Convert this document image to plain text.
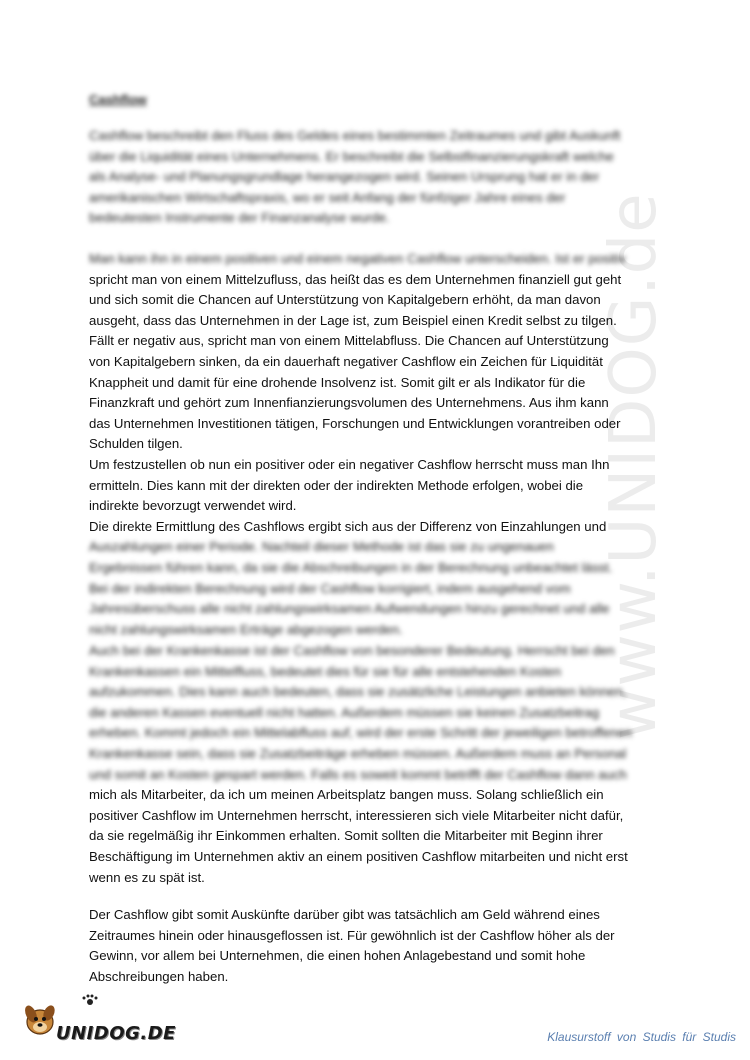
www.UNIDOG.de
Cashflow
Cashflow beschreibt den Fluss des Geldes eines bestimmten Zeitraumes und gibt Auskunft
über die Liquidität eines Unternehmens. Er beschreibt die Selbstfinanzierungskraft welche
als Analyse- und Planungsgrundlage herangezogen wird. Seinen Ursprung hat er in der
amerikanischen Wirtschaftspraxis, wo er seit Anfang der fünfziger Jahre eines der
bedeutesten Instrumente der Finanzanalyse wurde.
Man kann ihn in einem positiven und einem negativen Cashflow unterscheiden. Ist er positiv
spricht man von einem Mittelzufluss, das heißt das es dem Unternehmen finanziell gut geht
und sich somit die Chancen auf Unterstützung von Kapitalgebern erhöht, da man davon
ausgeht, dass das Unternehmen in der Lage ist, zum Beispiel einen Kredit selbst zu tilgen.
Fällt er negativ aus, spricht man von einem Mittelabfluss. Die Chancen auf Unterstützung
von Kapitalgebern sinken, da ein dauerhaft negativer Cashflow ein Zeichen für Liquidität
Knappheit und damit für eine drohende Insolvenz ist. Somit gilt er als Indikator für die
Finanzkraft und gehört zum Innenfianzierungsvolumen des Unternehmens. Aus ihm kann
das Unternehmen Investitionen tätigen, Forschungen und Entwicklungen vorantreiben oder
Schulden tilgen.
Um festzustellen ob nun ein positiver oder ein negativer Cashflow herrscht muss man Ihn
ermitteln. Dies kann mit der direkten oder der indirekten Methode erfolgen, wobei die
indirekte bevorzugt verwendet wird.
Die direkte Ermittlung des Cashflows ergibt sich aus der Differenz von Einzahlungen und
Auszahlungen einer Periode. Nachteil dieser Methode ist das sie zu ungenauen
Ergebnissen führen kann, da sie die Abschreibungen in der Berechnung unbeachtet lässt.
Bei der indirekten Berechnung wird der Cashflow korrigiert, indem ausgehend vom
Jahresüberschuss alle nicht zahlungswirksamen Aufwendungen hinzu gerechnet und alle
nicht zahlungswirksamen Erträge abgezogen werden.
Auch bei der Krankenkasse ist der Cashflow von besonderer Bedeutung. Herrscht bei den
Krankenkassen ein Mittelfluss, bedeutet dies für sie für alle entstehenden Kosten
aufzukommen. Dies kann auch bedeuten, dass sie zusätzliche Leistungen anbieten können,
die anderen Kassen eventuell nicht hatten. Außerdem müssen sie keinen Zusatzbeitrag
erheben. Kommt jedoch ein Mittelabfluss auf, wird der erste Schritt der jeweiligen betroffenen
Krankenkasse sein, dass sie Zusatzbeiträge erheben müssen. Außerdem muss an Personal
und somit an Kosten gespart werden. Falls es soweit kommt betrifft der Cashflow dann auch
mich als Mitarbeiter, da ich um meinen Arbeitsplatz bangen muss. Solang schließlich ein
positiver Cashflow im Unternehmen herrscht, interessieren sich viele Mitarbeiter nicht dafür,
da sie regelmäßig ihr Einkommen erhalten. Somit sollten die Mitarbeiter mit Beginn ihrer
Beschäftigung im Unternehmen aktiv an einem positiven Cashflow mitarbeiten und nicht erst
wenn es zu spät ist.
Der Cashflow gibt somit Auskünfte darüber gibt was tatsächlich am Geld während eines
Zeitraumes hinein oder hinausgeflossen ist. Für gewöhnlich ist der Cashflow höher als der
Gewinn, vor allem bei Unternehmen, die einen hohen Anlagebestand und somit hohe
Abschreibungen haben.
UNIDOG.DE	Klausurstoff von Studis für Studis
